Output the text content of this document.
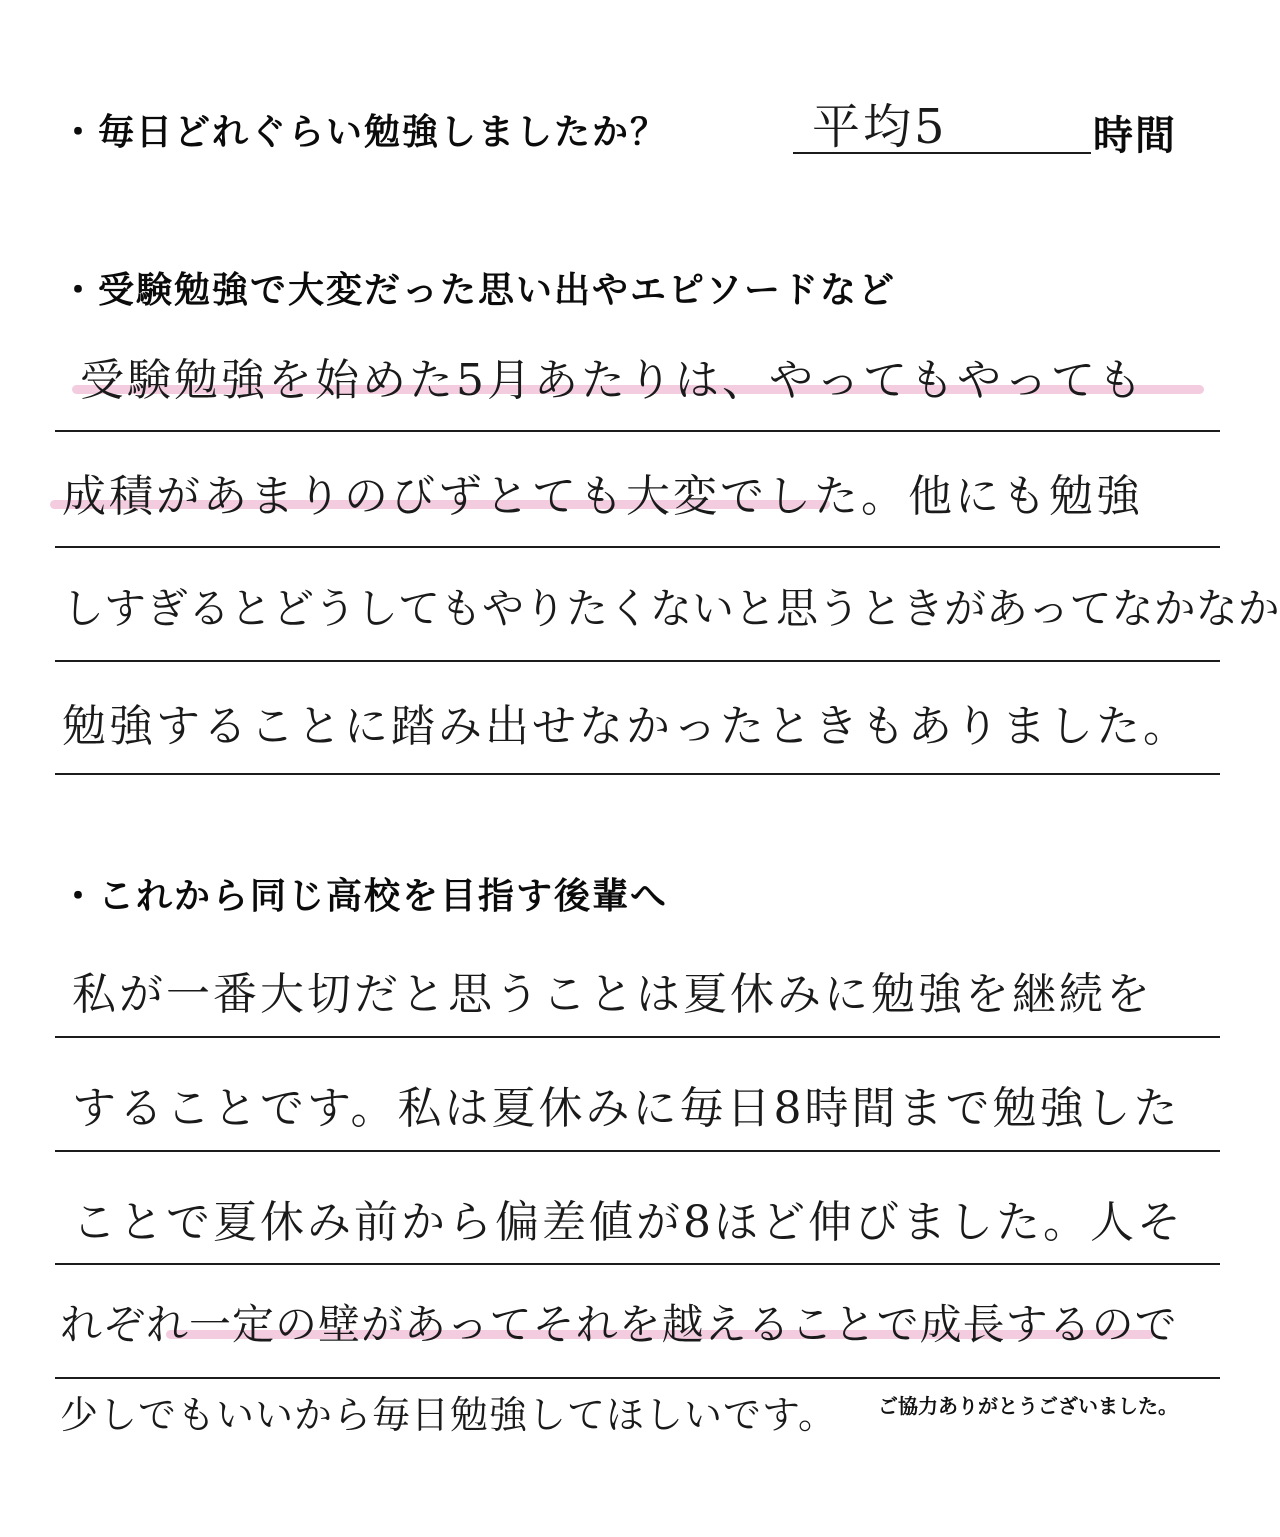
・毎日どれぐらい勉強しましたか？	平均5	時間
・受験勉強で大変だった思い出やエピソードなど
受験勉強を始めた5月あたりは、やってもやっても
成積があまりのびずとても大変でした。他にも勉強
しすぎるとどうしてもやりたくないと思うときがあってなかなか
勉強することに踏み出せなかったときもありました。
・これから同じ高校を目指す後輩へ
私が一番大切だと思うことは夏休みに勉強を継続を
することです。私は夏休みに毎日8時間まで勉強した
ことで夏休み前から偏差値が8ほど伸びました。人そ
れぞれ一定の壁があってそれを越えることで成長するので
少しでもいいから毎日勉強してほしいです。 ご協力ありがとうございました。
